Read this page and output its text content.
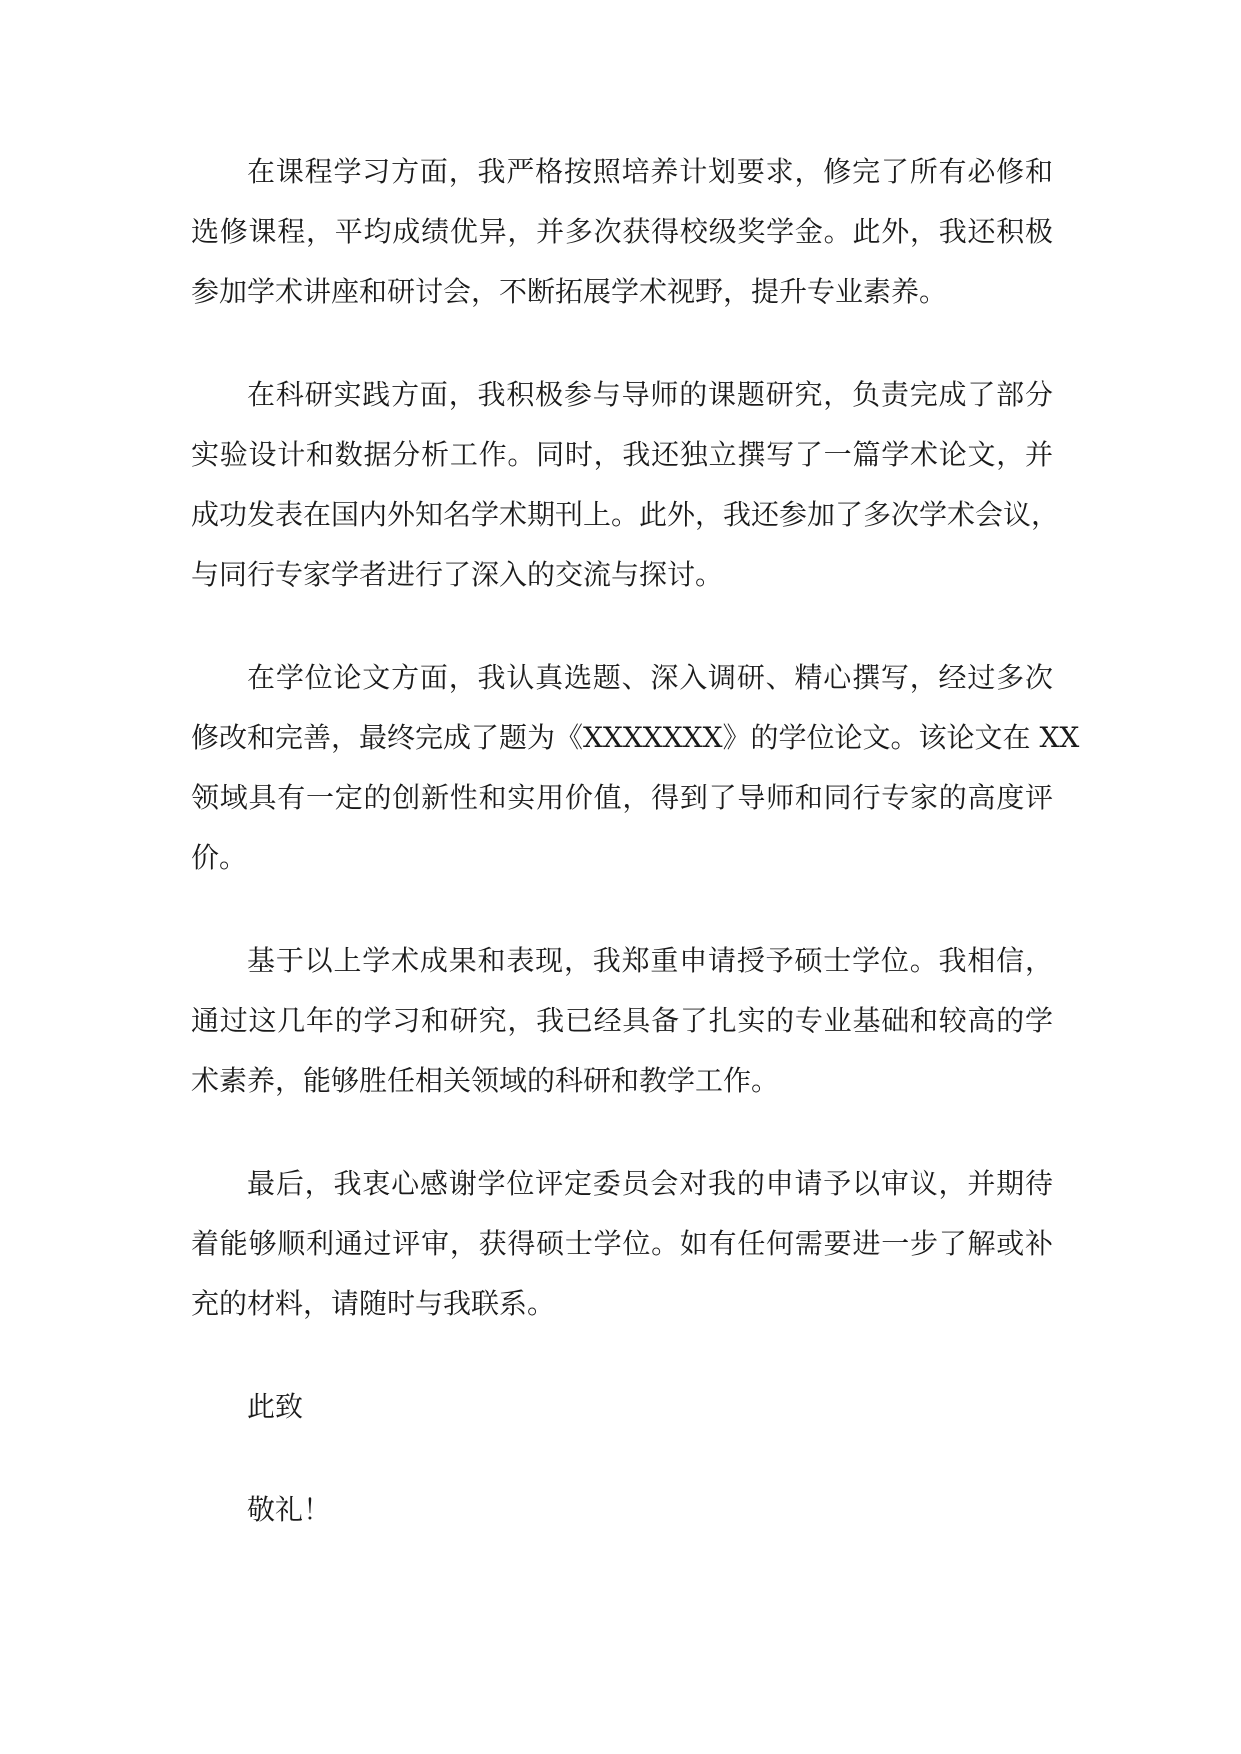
在课程学习方面，我严格按照培养计划要求，修完了所有必修和
选修课程，平均成绩优异，并多次获得校级奖学金。此外，我还积极
参加学术讲座和研讨会，不断拓展学术视野，提升专业素养。
在科研实践方面，我积极参与导师的课题研究，负责完成了部分
实验设计和数据分析工作。同时，我还独立撰写了一篇学术论文，并
成功发表在国内外知名学术期刊上。此外，我还参加了多次学术会议，
与同行专家学者进行了深入的交流与探讨。
在学位论文方面，我认真选题、深入调研、精心撰写，经过多次
修改和完善，最终完成了题为《XXXXXXX》的学位论文。该论文在 XX
领域具有一定的创新性和实用价值，得到了导师和同行专家的高度评
价。
基于以上学术成果和表现，我郑重申请授予硕士学位。我相信，
通过这几年的学习和研究，我已经具备了扎实的专业基础和较高的学
术素养，能够胜任相关领域的科研和教学工作。
最后，我衷心感谢学位评定委员会对我的申请予以审议，并期待
着能够顺利通过评审，获得硕士学位。如有任何需要进一步了解或补
充的材料，请随时与我联系。
此致
敬礼！
